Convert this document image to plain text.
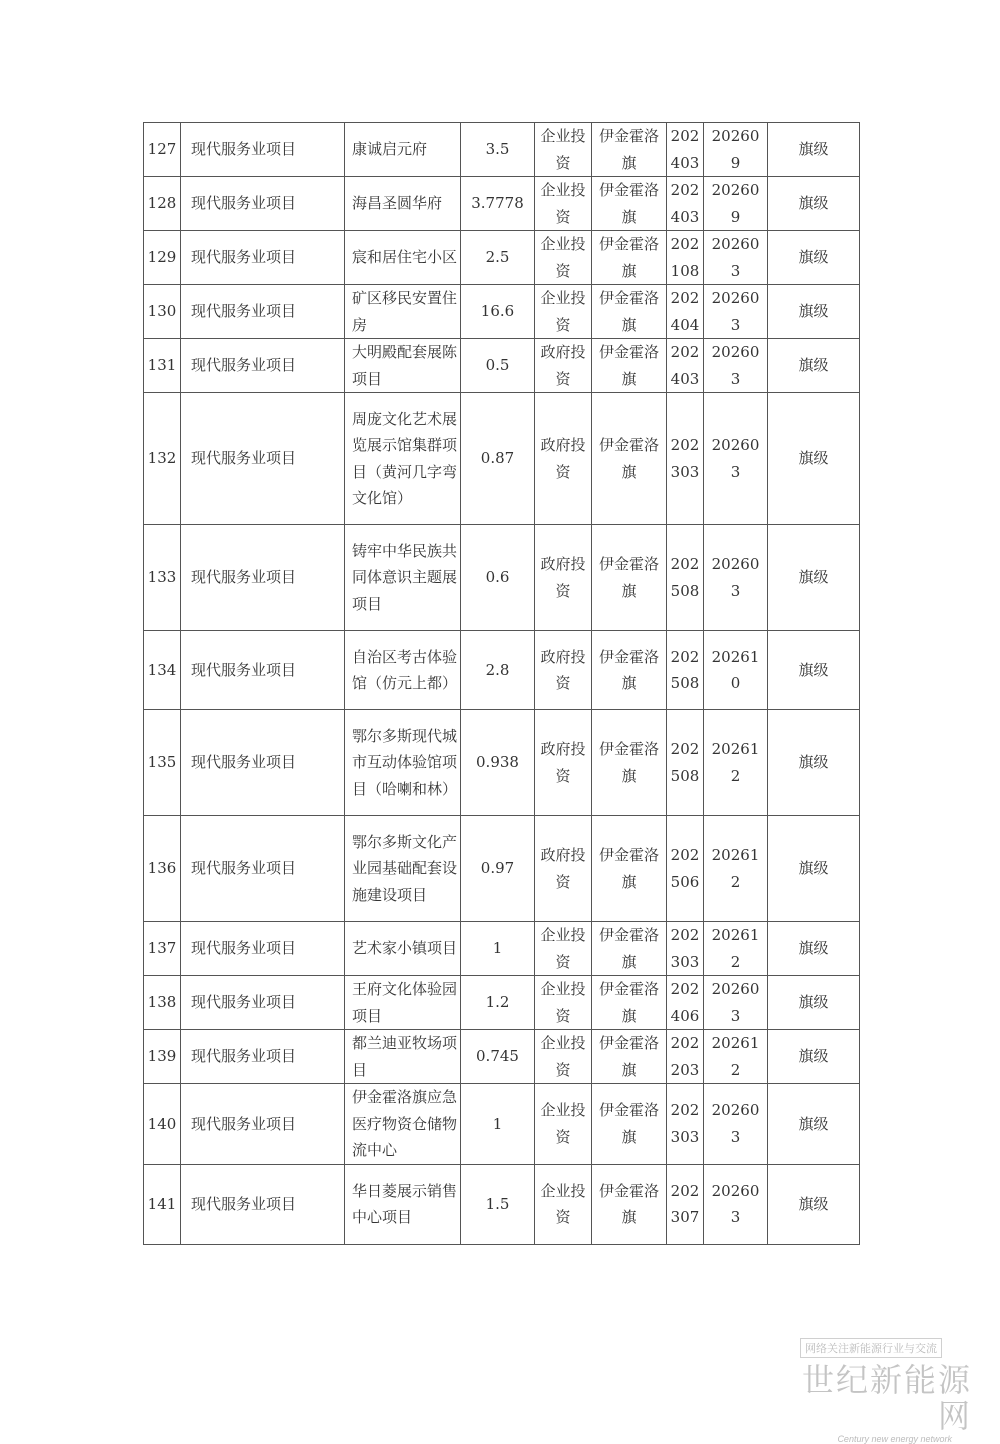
127	现代服务业项目	康诚启元府	3.5	企业投资	伊金霍洛旗	202403	202609	旗级
128	现代服务业项目	海昌圣圆华府	3.7778	企业投资	伊金霍洛旗	202403	202609	旗级
129	现代服务业项目	宸和居住宅小区	2.5	企业投资	伊金霍洛旗	202108	202603	旗级
130	现代服务业项目	矿区移民安置住房	16.6	企业投资	伊金霍洛旗	202404	202603	旗级
131	现代服务业项目	大明殿配套展陈项目	0.5	政府投资	伊金霍洛旗	202403	202603	旗级
132	现代服务业项目	周庞文化艺术展览展示馆集群项目（黄河几字弯文化馆）	0.87	政府投资	伊金霍洛旗	202303	202603	旗级
133	现代服务业项目	铸牢中华民族共同体意识主题展项目	0.6	政府投资	伊金霍洛旗	202508	202603	旗级
134	现代服务业项目	自治区考古体验馆（仿元上都）	2.8	政府投资	伊金霍洛旗	202508	202610	旗级
135	现代服务业项目	鄂尔多斯现代城市互动体验馆项目（哈喇和林）	0.938	政府投资	伊金霍洛旗	202508	202612	旗级
136	现代服务业项目	鄂尔多斯文化产业园基础配套设施建设项目	0.97	政府投资	伊金霍洛旗	202506	202612	旗级
137	现代服务业项目	艺术家小镇项目	1	企业投资	伊金霍洛旗	202303	202612	旗级
138	现代服务业项目	王府文化体验园项目	1.2	企业投资	伊金霍洛旗	202406	202603	旗级
139	现代服务业项目	都兰迪亚牧场项目	0.745	企业投资	伊金霍洛旗	202203	202612	旗级
140	现代服务业项目	伊金霍洛旗应急医疗物资仓储物流中心	1	企业投资	伊金霍洛旗	202303	202603	旗级
141	现代服务业项目	华日菱展示销售中心项目	1.5	企业投资	伊金霍洛旗	202307	202603	旗级
网络关注新能源行业与交流
世纪新能源网
Century new energy network
